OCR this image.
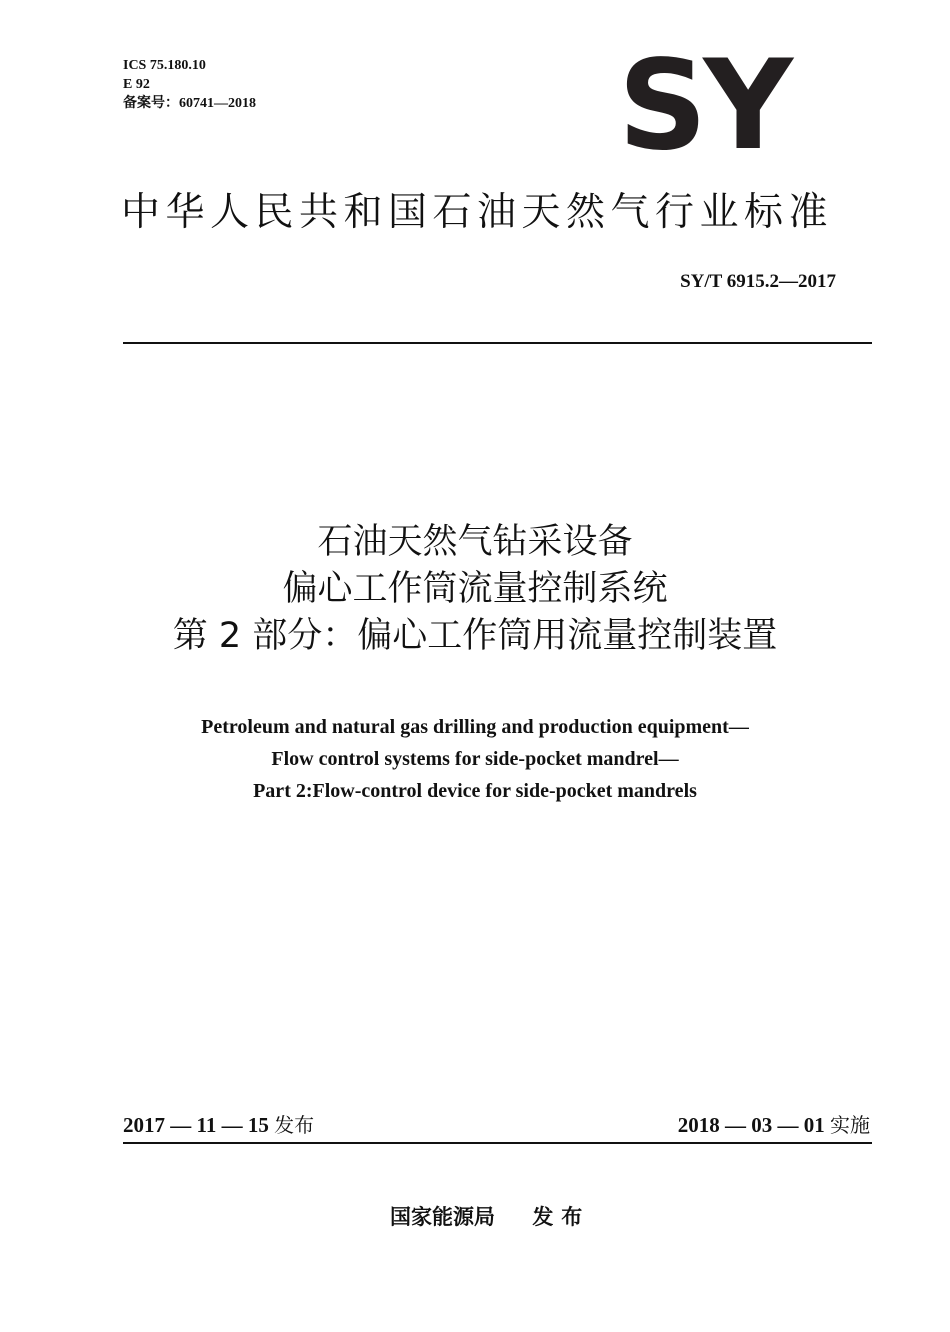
ICS 75.180.10
E 92
备案号：60741—2018	SY
中华人民共和国石油天然气行业标准
SY/T 6915.2—2017
石油天然气钻采设备
偏心工作筒流量控制系统
第 2 部分：偏心工作筒用流量控制装置
Petroleum and natural gas drilling and production equipment—
Flow control systems for side-pocket mandrel—
Part 2:Flow-control device for side-pocket mandrels
2017 — 11 — 15 发布	2018 — 03 — 01 实施
国家能源局 发布
